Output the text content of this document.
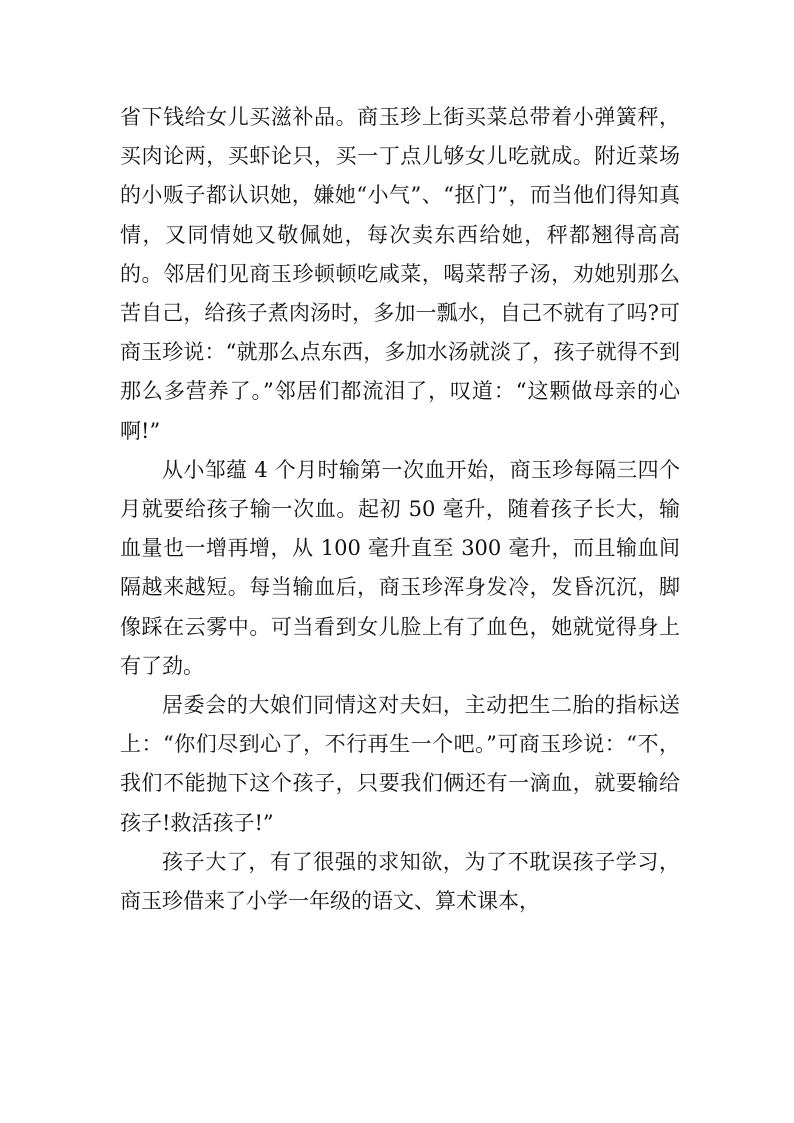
省下钱给女儿买滋补品。商玉珍上街买菜总带着小弹簧秤，买肉论两，买虾论只，买一丁点儿够女儿吃就成。附近菜场的小贩子都认识她，嫌她“小气”、“抠门”，而当他们得知真情，又同情她又敬佩她，每次卖东西给她，秤都翘得高高的。邻居们见商玉珍顿顿吃咸菜，喝菜帮子汤，劝她别那么苦自己，给孩子煮肉汤时，多加一瓢水，自己不就有了吗?可商玉珍说：“就那么点东西，多加水汤就淡了，孩子就得不到那么多营养了。”邻居们都流泪了，叹道：“这颗做母亲的心啊!”

从小邹蕴 4 个月时输第一次血开始，商玉珍每隔三四个月就要给孩子输一次血。起初 50 毫升，随着孩子长大，输血量也一增再增，从 100 毫升直至 300 毫升，而且输血间隔越来越短。每当输血后，商玉珍浑身发冷，发昏沉沉，脚像踩在云雾中。可当看到女儿脸上有了血色，她就觉得身上有了劲。

居委会的大娘们同情这对夫妇，主动把生二胎的指标送上：“你们尽到心了，不行再生一个吧。”可商玉珍说：“不，我们不能抛下这个孩子，只要我们俩还有一滴血，就要输给孩子!救活孩子!”

孩子大了，有了很强的求知欲，为了不耽误孩子学习，商玉珍借来了小学一年级的语文、算术课本，
